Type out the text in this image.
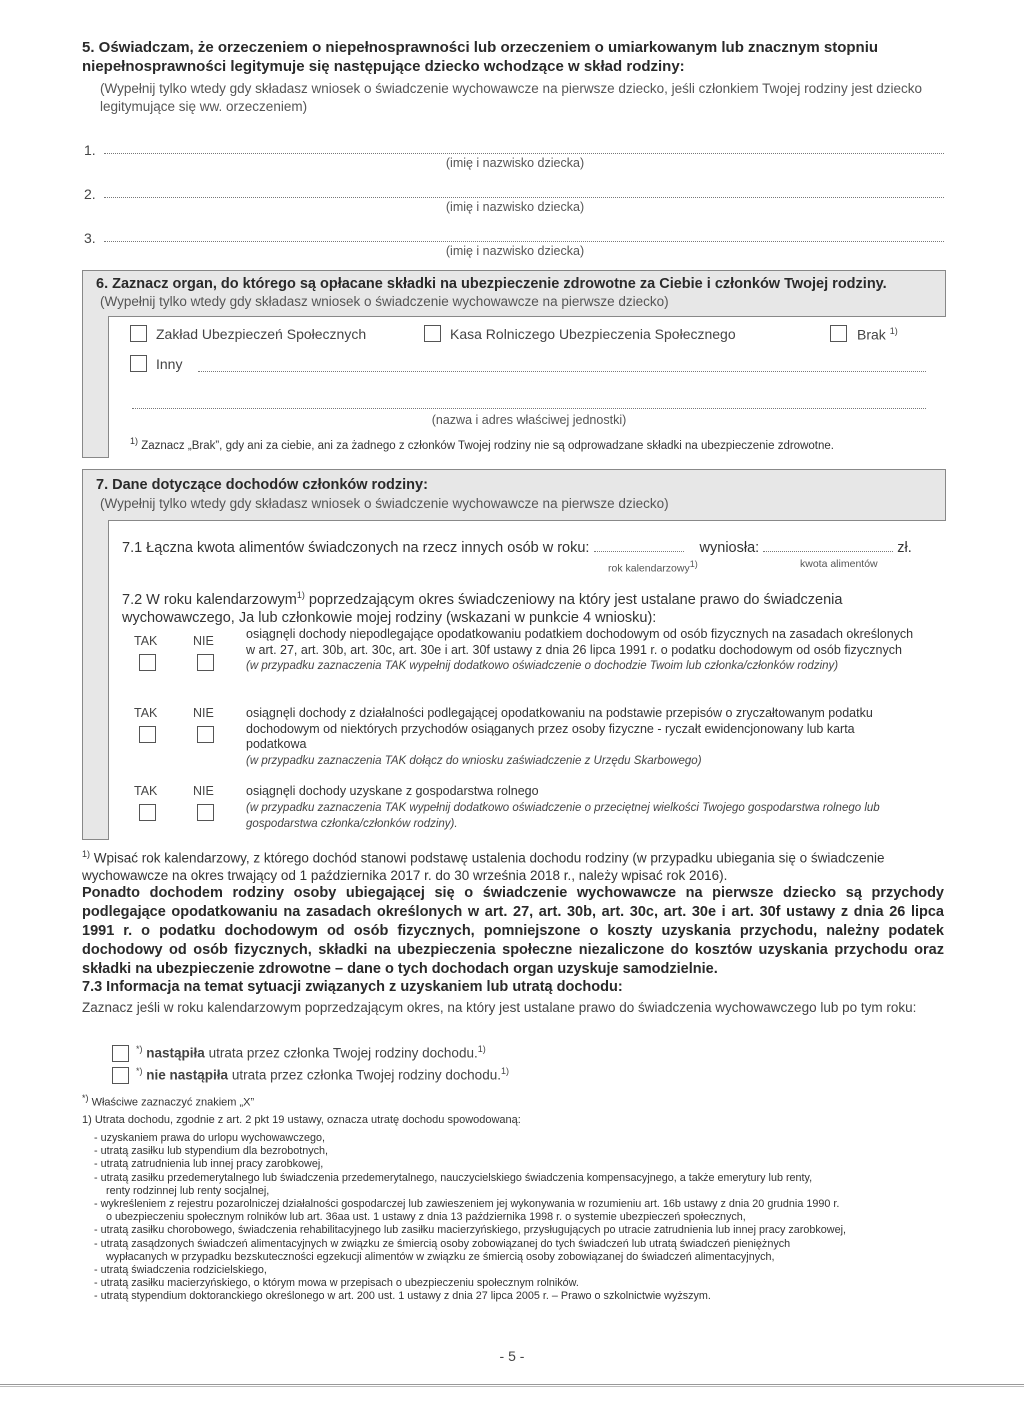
5. Oświadczam, że orzeczeniem o niepełnosprawności lub orzeczeniem o umiarkowanym lub znacznym stopniu niepełnosprawności legitymuje się następujące dziecko wchodzące w skład rodziny:
(Wypełnij tylko wtedy gdy składasz wniosek o świadczenie wychowawcze na pierwsze dziecko, jeśli członkiem Twojej rodziny jest dziecko legitymujące się ww. orzeczeniem)
1.
(imię i nazwisko dziecka)
2.
(imię i nazwisko dziecka)
3.
(imię i nazwisko dziecka)
6. Zaznacz organ, do którego są opłacane składki na ubezpieczenie zdrowotne za Ciebie i członków Twojej rodziny.
(Wypełnij tylko wtedy gdy składasz wniosek o świadczenie wychowawcze na pierwsze dziecko)
Zakład Ubezpieczeń Społecznych	Kasa Rolniczego Ubezpieczenia Społecznego	Brak $^{1)}$
Inny
(nazwa i adres właściwej jednostki)
$^{1)}$ Zaznacz „Brak”, gdy ani za ciebie, ani za żadnego z członków Twojej rodziny nie są odprowadzane składki na ubezpieczenie zdrowotne.
7. Dane dotyczące dochodów członków rodziny:
(Wypełnij tylko wtedy gdy składasz wniosek o świadczenie wychowawcze na pierwsze dziecko)
7.1 Łączna kwota alimentów świadczonych na rzecz innych osób w roku:	wyniosła:	zł.
rok kalendarzowy1)	kwota alimentów
7.2 W roku kalendarzowym$^{1)}$ poprzedzającym okres świadczeniowy na który jest ustalane prawo do świadczenia wychowawczego, Ja lub członkowie mojej rodziny (wskazani w punkcie 4 wniosku):
TAK	NIE	osiągnęli dochody niepodlegające opodatkowaniu podatkiem dochodowym od osób fizycznych na zasadach określonych w art. 27, art. 30b, art. 30c, art. 30e i art. 30f ustawy z dnia 26 lipca 1991 r. o podatku dochodowym od osób fizycznych
(w przypadku zaznaczenia TAK wypełnij dodatkowo oświadczenie o dochodzie Twoim lub członka/członków rodziny)
TAK	NIE	osiągnęli dochody z działalności podlegającej opodatkowaniu na podstawie przepisów o zryczałtowanym podatku dochodowym od niektórych przychodów osiąganych przez osoby fizyczne - ryczałt ewidencjonowany lub karta podatkowa
(w przypadku zaznaczenia TAK dołącz do wniosku zaświadczenie z Urzędu Skarbowego)
TAK	NIE	osiągnęli dochody uzyskane z gospodarstwa rolnego
(w przypadku zaznaczenia TAK wypełnij dodatkowo oświadczenie o przeciętnej wielkości Twojego gospodarstwa rolnego lub gospodarstwa członka/członków rodziny).
$^{1)}$ Wpisać rok kalendarzowy, z którego dochód stanowi podstawę ustalenia dochodu rodziny (w przypadku ubiegania się o świadczenie wychowawcze na okres trwający od 1 października 2017 r. do 30 września 2018 r., należy wpisać rok 2016).
Ponadto dochodem rodziny osoby ubiegającej się o świadczenie wychowawcze na pierwsze dziecko są przychody podlegające opodatkowaniu na zasadach określonych w art. 27, art. 30b, art. 30c, art. 30e i art. 30f ustawy z dnia 26 lipca 1991 r. o podatku dochodowym od osób fizycznych, pomniejszone o koszty uzyskania przychodu, należny podatek dochodowy od osób fizycznych, składki na ubezpieczenia społeczne niezaliczone do kosztów uzyskania przychodu oraz składki na ubezpieczenie zdrowotne – dane o tych dochodach organ uzyskuje samodzielnie.
7.3 Informacja na temat sytuacji związanych z uzyskaniem lub utratą dochodu:
Zaznacz jeśli w roku kalendarzowym poprzedzającym okres, na który jest ustalane prawo do świadczenia wychowawczego lub po tym roku:
*) nastąpiła utrata przez członka Twojej rodziny dochodu.$^{1)}$
*) nie nastąpiła utrata przez członka Twojej rodziny dochodu.$^{1)}$
*) Właściwe zaznaczyć znakiem „X”
1) Utrata dochodu, zgodnie z art. 2 pkt 19 ustawy, oznacza utratę dochodu spowodowaną:
- uzyskaniem prawa do urlopu wychowawczego,
- utratą zasiłku lub stypendium dla bezrobotnych,
- utratą zatrudnienia lub innej pracy zarobkowej,
- utratą zasiłku przedemerytalnego lub świadczenia przedemerytalnego, nauczycielskiego świadczenia kompensacyjnego, a także emerytury lub renty,
renty rodzinnej lub renty socjalnej,
- wykreśleniem z rejestru pozarolniczej działalności gospodarczej lub zawieszeniem jej wykonywania w rozumieniu art. 16b ustawy z dnia 20 grudnia 1990 r.
o ubezpieczeniu społecznym rolników lub art. 36aa ust. 1 ustawy z dnia 13 października 1998 r. o systemie ubezpieczeń społecznych,
- utratą zasiłku chorobowego, świadczenia rehabilitacyjnego lub zasiłku macierzyńskiego, przysługujących po utracie zatrudnienia lub innej pracy zarobkowej,
- utratą zasądzonych świadczeń alimentacyjnych w związku ze śmiercią osoby zobowiązanej do tych świadczeń lub utratą świadczeń pieniężnych
wypłacanych w przypadku bezskuteczności egzekucji alimentów w związku ze śmiercią osoby zobowiązanej do świadczeń alimentacyjnych,
- utratą świadczenia rodzicielskiego,
- utratą zasiłku macierzyńskiego, o którym mowa w przepisach o ubezpieczeniu społecznym rolników.
- utratą stypendium doktoranckiego określonego w art. 200 ust. 1 ustawy z dnia 27 lipca 2005 r. – Prawo o szkolnictwie wyższym.
- 5 -
